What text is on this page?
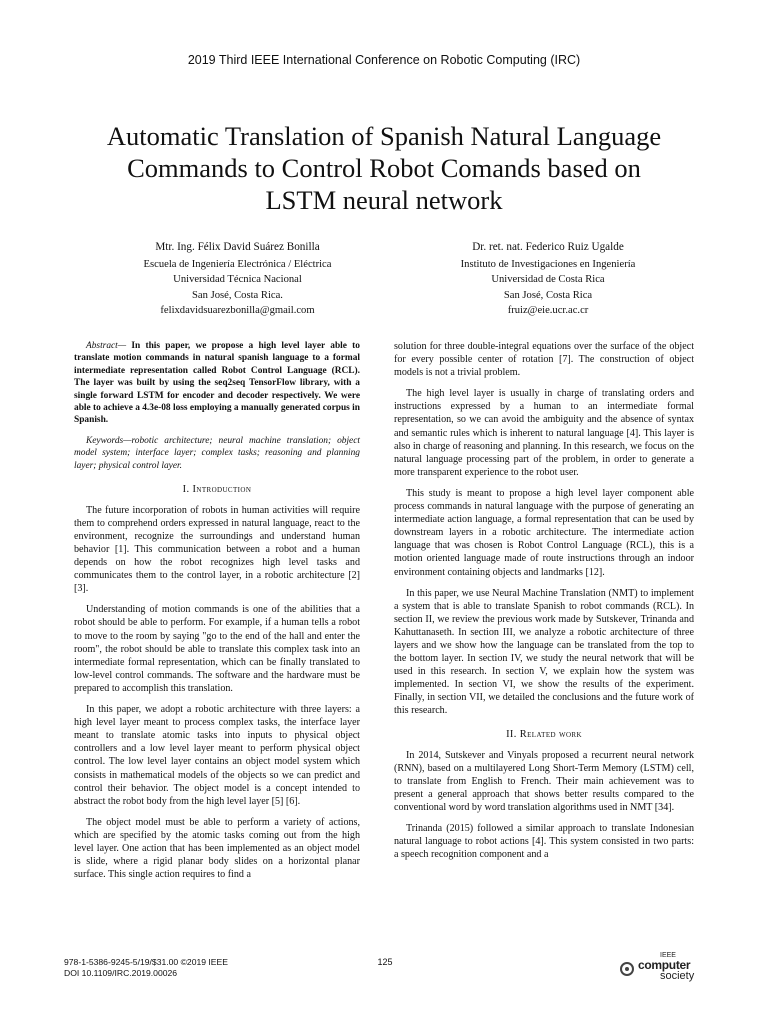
2019 Third IEEE International Conference on Robotic Computing (IRC)
Automatic Translation of Spanish Natural Language
Commands to Control Robot Comands based on
LSTM neural network
Mtr. Ing. Félix David Suárez Bonilla
Escuela de Ingeniería Electrónica / Eléctrica
Universidad Técnica Nacional
San José, Costa Rica.
felixdavidsuarezbonilla@gmail.com
Dr. ret. nat. Federico Ruiz Ugalde
Instituto de Investigaciones en Ingeniería
Universidad de Costa Rica
San José, Costa Rica
fruiz@eie.ucr.ac.cr

Abstract— In this paper, we propose a high level layer able to translate motion commands in natural spanish language to a formal intermediate representation called Robot Control Language (RCL). The layer was built by using the seq2seq TensorFlow library, with a single forward LSTM for encoder and decoder respectively. We were able to achieve a 4.3e-08 loss employing a manually generated corpus in Spanish.

Keywords—robotic architecture; neural machine translation; object model system; interface layer; complex tasks; reasoning and planning layer; physical control layer.

I. Introduction

The future incorporation of robots in human activities will require them to comprehend orders expressed in natural language, react to the environment, recognize the surroundings and understand human behavior [1]. This communication between a robot and a human depends on how the robot recognizes high level tasks and communicates them to the control layer, in a robotic architecture [2] [3].

Understanding of motion commands is one of the abilities that a robot should be able to perform. For example, if a human tells a robot to move to the room by saying "go to the end of the hall and enter the room", the robot should be able to translate this complex task into an intermediate formal representation, which can be finally translated to low-level control commands. The software and the hardware must be prepared to accomplish this translation.

In this paper, we adopt a robotic architecture with three layers: a high level layer meant to process complex tasks, the interface layer meant to translate atomic tasks into inputs to physical object controllers and a low level layer meant to perform physical object control. The low level layer contains an object model system which consists in mathematical models of the objects so we can predict and control their behavior. The object model is a concept intended to abstract the robot body from the high level layer [5] [6].

The object model must be able to perform a variety of actions, which are specified by the atomic tasks coming out from the high level layer. One action that has been implemented as an object model is slide, where a rigid planar body slides on a horizontal planar surface. This single action requires to find a

solution for three double-integral equations over the surface of the object for every possible center of rotation [7]. The construction of object models is not a trivial problem.

The high level layer is usually in charge of translating orders and instructions expressed by a human to an intermediate formal representation, so we can avoid the ambiguity and the absence of syntax and semantic rules which is inherent to natural language [4]. This layer is also in charge of reasoning and planning. In this research, we focus on the natural language processing part of the problem, in order to generate a more transparent experience to the robot user.

This study is meant to propose a high level layer component able process commands in natural language with the purpose of generating an intermediate action language, a formal representation that can be used by downstream layers in a robotic architecture. The intermediate action language that was chosen is Robot Control Language (RCL), this is a motion oriented language made of route instructions through an indoor environment containing objects and landmarks [12].

In this paper, we use Neural Machine Translation (NMT) to implement a system that is able to translate Spanish to robot commands (RCL). In section II, we review the previous work made by Sutskever, Trinanda and Kahuttanaseth. In section III, we analyze a robotic architecture of three layers and we show how the language can be translated from the top to the bottom layer. In section IV, we study the neural network that will be used in this research. In section V, we explain how the system was implemented. In section VI, we show the results of the experiment. Finally, in section VII, we detailed the conclusions and the future work of this research.

II. Related work

In 2014, Sutskever and Vinyals proposed a recurrent neural network (RNN), based on a multilayered Long Short-Term Memory (LSTM) cell, to translate from English to French. Their main achievement was to present a general approach that shows better results compared to the conventional word by word translation algorithms used in NMT [34].

Trinanda (2015) followed a similar approach to translate Indonesian natural language to robot actions [4]. This system consisted in two parts: a speech recognition component and a

978-1-5386-9245-5/19/$31.00 ©2019 IEEE
DOI 10.1109/IRC.2019.00026
125
IEEE
computer
society
